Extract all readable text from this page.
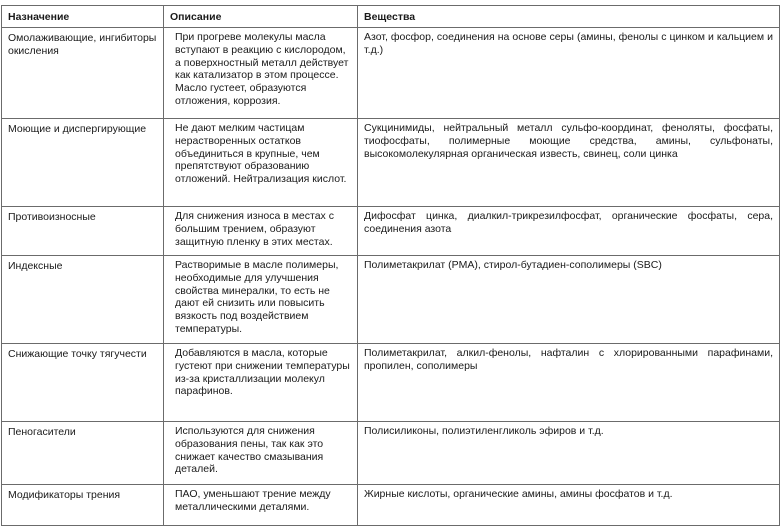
Назначение	Описание	Вещества
Омолаживающие, ингибиторы окисления	При прогреве молекулы масла вступают в реакцию с кислородом, а поверхностный металл действует как катализатор в этом процессе. Масло густеет, образуются отложения, коррозия.	Азот, фосфор, соединения на основе серы (амины, фенолы с цинком и кальцием и т.д.)
Моющие и диспергирующие	Не дают мелким частицам нерастворенных остатков объединиться в крупные, чем препятствуют образованию отложений. Нейтрализация кислот.	Сукцинимиды, нейтральный металл сульфо-координат, феноляты, фосфаты, тиофосфаты, полимерные моющие средства, амины, сульфонаты, высокомолекулярная органическая известь, свинец, соли цинка
Противоизносные	Для снижения износа в местах с большим трением, образуют защитную пленку в этих местах.	Дифосфат цинка, диалкил-трикрезилфосфат, органические фосфаты, сера, соединения азота
Индексные	Растворимые в масле полимеры, необходимые для улучшения свойства минералки, то есть не дают ей снизить или повысить вязкость под воздействием температуры.	Полиметакрилат (PMA), стирол-бутадиен-сополимеры (SBC)
Снижающие точку тягучести	Добавляются в масла, которые густеют при снижении температуры из-за кристаллизации молекул парафинов.	Полиметакрилат, алкил-фенолы, нафталин с хлорированными парафинами, пропилен, сополимеры
Пеногасители	Используются для снижения образования пены, так как это снижает качество смазывания деталей.	Полисиликоны, полиэтиленгликоль эфиров и т.д.
Модификаторы трения	ПАО, уменьшают трение между металлическими деталями.	Жирные кислоты, органические амины, амины фосфатов и т.д.
